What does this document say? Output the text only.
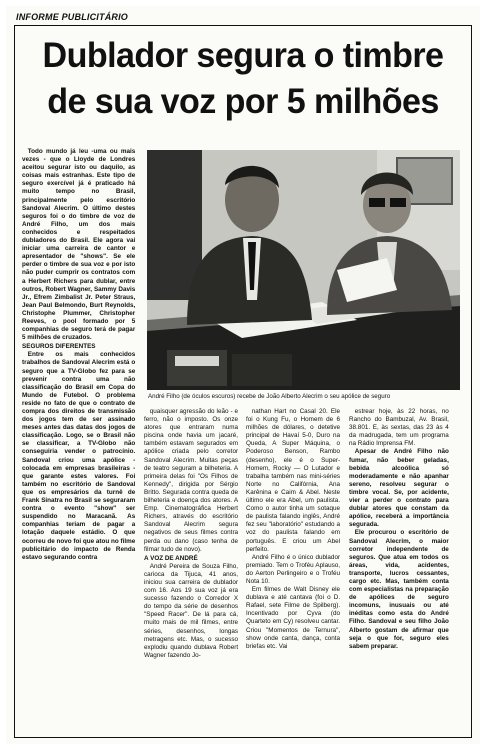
INFORME PUBLICITÁRIO
Dublador segura o timbre
de sua voz por 5 milhões

Todo mundo já leu -uma ou mais vezes - que o Lloyde de Londres aceitou segurar isto ou daquilo, as coisas mais estranhas. Este tipo de seguro exercível já é praticado há muito tempo no Brasil, principalmente pelo escritório Sandoval Alecrim. O último destes seguros foi o do timbre de voz de André Filho, um dos mais conhecidos e respeitados dubladores do Brasil. Ele agora vai iniciar uma carreira de cantor e apresentador de "shows". Se ele perder o timbre de sua voz e por isto não puder cumprir os contratos com a Herbert Richers para dublar, entre outros, Robert Wagner, Sammy Davis Jr., Efrem Zimbalist Jr. Peter Straus, Jean Paul Belmondo, Burt Reynolds, Christophe Plummer, Christopher Reeves, o pool formado por 5 companhias de seguro terá de pagar 5 milhões de cruzados.

SEGUROS DIFERENTES

Entre os mais conhecidos trabalhos de Sandoval Alecrim está o seguro que a TV-Globo fez para se prevenir contra uma não classificação do Brasil em Copa do Mundo de Futebol. O problema reside no fato de que o contrato de compra dos direitos de transmissão dos jogos tem de ser assinado meses antes das datas dos jogos de classificação. Logo, se o Brasil não se classificar, a TV-Globo não conseguiria vender o patrocínio. Sandoval criou uma apólice - colocada em empresas brasileiras - que garante estes valores. Foi também no escritório de Sandoval que os empresários da turnê de Frank Sinatra no Brasil se seguraram contra o evento "show" ser suspendido no Maracanã. As companhias teriam de pagar a lotação daquele estádio. O que ocorreu de novo foi que atou no filme publicitário do impacto de Renda estavo segurando contra

André Filho (de óculos escuros) recebe de João Alberto Alecrim o seu apólice de seguro

quaisquer agressão do leão - e ferro, não o imposto. Os onze atores que entraram numa piscina onde havia um jacaré, também estavam segurados em apólice criada pelo corretor Sandoval Alecrim. Muitas peças de teatro seguram a bilheteria. A primeira delas foi "Os Filhos de Kennedy", dirigida por Sérgio Britto. Segurada contra queda de bilheteria e doença dos atores. A Emp. Cinematográfica Herbert Richers, através do escritório Sandoval Alecrim segura negativos de seus filmes contra perda ou dano (caso tenha de filmar tudo de novo).

A VOZ DE ANDRÉ

André Pereira de Souza Filho, carioca da Tijuca, 41 anos, iniciou sua carreira de dublador com 16. Aos 19 sua voz já era sucesso fazendo o Corredor X do tempo da série de desenhos "Speed Racer". De lá para cá, muito mais de mil filmes, entre séries, desenhos, longas metragens etc. Mas, o sucesso explodiu quando dublava Robert Wagner fazendo Jo-

nathan Hart no Casal 20. Ele foi o Kung Fu, o Homem de 6 milhões de dólares, o detetive principal de Havaí 5-0, Duro na Queda, A Super Máquina, o Poderoso Benson, Rambo (desenho), ele é o Super-Homem, Rocky — O Lutador e trabalha também nas mini-séries Norte no Califórnia, Ana Karênina e Caim & Abel. Neste último ele era Abel, um paulista. Como o autor tinha um sotaque de paulista falando inglês, André fez seu "laboratório" estudando a voz do paulista falando em português. E criou um Abel perfeito.

André Filho é o único dublador premiado. Tem o Troféu Aplauso, do Aerton Perlingeiro e o Troféu Nota 10.

Em filmes de Walt Disney ele dublava e até cantava (foi o D. Rafael, sete Filme de Spilberg). Incentivado por Cyva (do Quarteto em Cy) resolveu cantar. Criou "Momentos de Ternura", show onde canta, dança, conta briefas etc. Vai

estrear hoje, às 22 horas, no Rancho do Bambuzal, Av. Brasil, 38.801. E, às sextas, das 23 às 4 da madrugada, tem um programa na Rádio Imprensa FM.

Apesar de André Filho não fumar, não beber geladas, bebida alcoólica só moderadamente e não apanhar sereno, resolveu segurar o timbre vocal. Se, por acidente, vier a perder o contrato para dublar atores que constam da apólice, receberá a importância segurada.

Ele procurou o escritório de Sandoval Alecrim, o maior corretor independente de seguros. Que atua em todos os áreas, vida, acidentes, transporte, lucros cessantes, cargo etc. Mas, também conta com especialistas na preparação de apólices de seguro incomuns, inusuais ou até inéditas como esta do André Filho. Sandoval e seu filho João Alberto gostam de afirmar que seja o que for, seguro eles sabem preparar.
